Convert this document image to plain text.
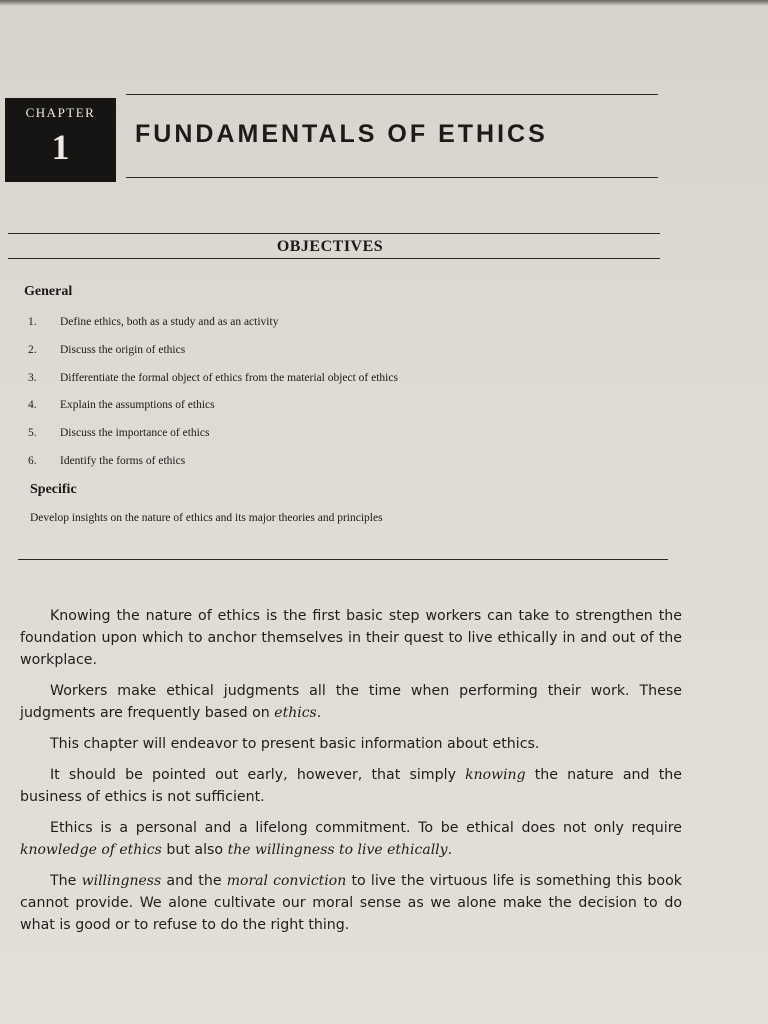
CHAPTER
1	FUNDAMENTALS OF ETHICS
OBJECTIVES
General
1. Define ethics, both as a study and as an activity
2. Discuss the origin of ethics
3. Differentiate the formal object of ethics from the material object of ethics
4. Explain the assumptions of ethics
5. Discuss the importance of ethics
6. Identify the forms of ethics
Specific
Develop insights on the nature of ethics and its major theories and principles

Knowing the nature of ethics is the first basic step workers can take to strengthen the foundation upon which to anchor themselves in their quest to live ethically in and out of the workplace.

Workers make ethical judgments all the time when performing their work. These judgments are frequently based on ethics.

This chapter will endeavor to present basic information about ethics.

It should be pointed out early, however, that simply knowing the nature and the business of ethics is not sufficient.

Ethics is a personal and a lifelong commitment. To be ethical does not only require knowledge of ethics but also the willingness to live ethically.

The willingness and the moral conviction to live the virtuous life is something this book cannot provide. We alone cultivate our moral sense as we alone make the decision to do what is good or to refuse to do the right thing.
